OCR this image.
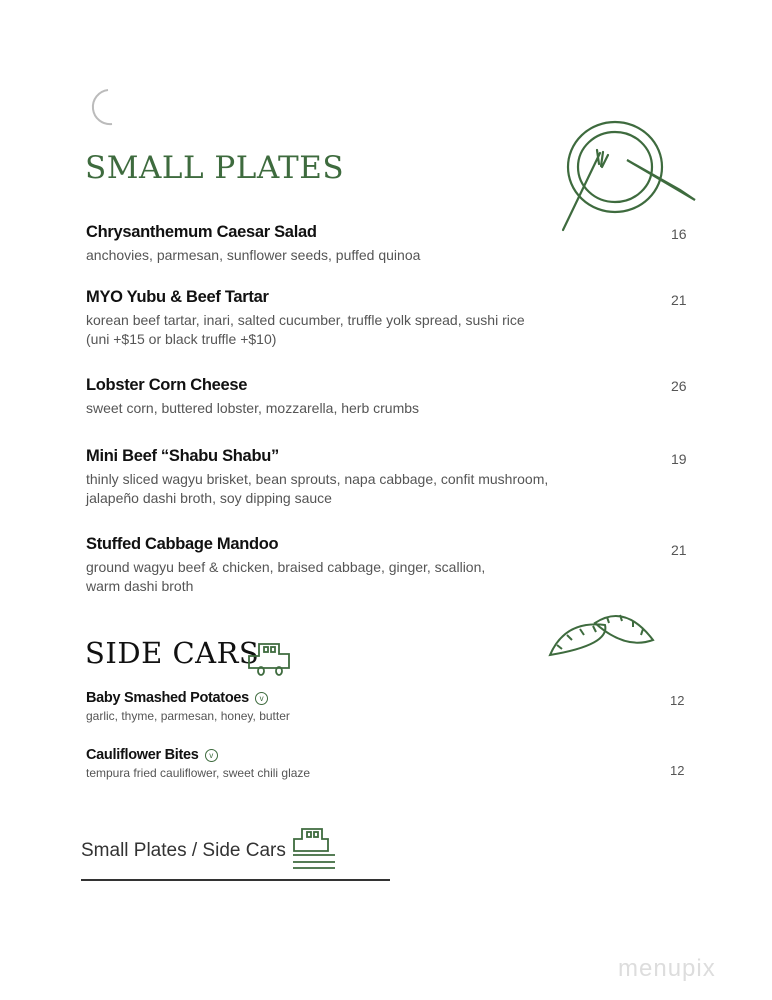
SMALL PLATES
Chrysanthemum Caesar Salad
anchovies, parmesan, sunflower seeds, puffed quinoa
16
MYO Yubu & Beef Tartar
korean beef tartar, inari, salted cucumber, truffle yolk spread, sushi rice
(uni +$15 or black truffle +$10)
21
Lobster Corn Cheese
sweet corn, buttered lobster, mozzarella, herb crumbs
26
Mini Beef “Shabu Shabu”
thinly sliced wagyu brisket, bean sprouts, napa cabbage, confit mushroom,
jalapeño dashi broth, soy dipping sauce
19
Stuffed Cabbage Mandoo
ground wagyu beef & chicken, braised cabbage, ginger, scallion,
warm dashi broth
21
SIDE CARS
Baby Smashed Potatoes v
garlic, thyme, parmesan, honey, butter
12
Cauliflower Bites v
tempura fried cauliflower, sweet chili glaze	12
Small Plates / Side Cars
menupix
